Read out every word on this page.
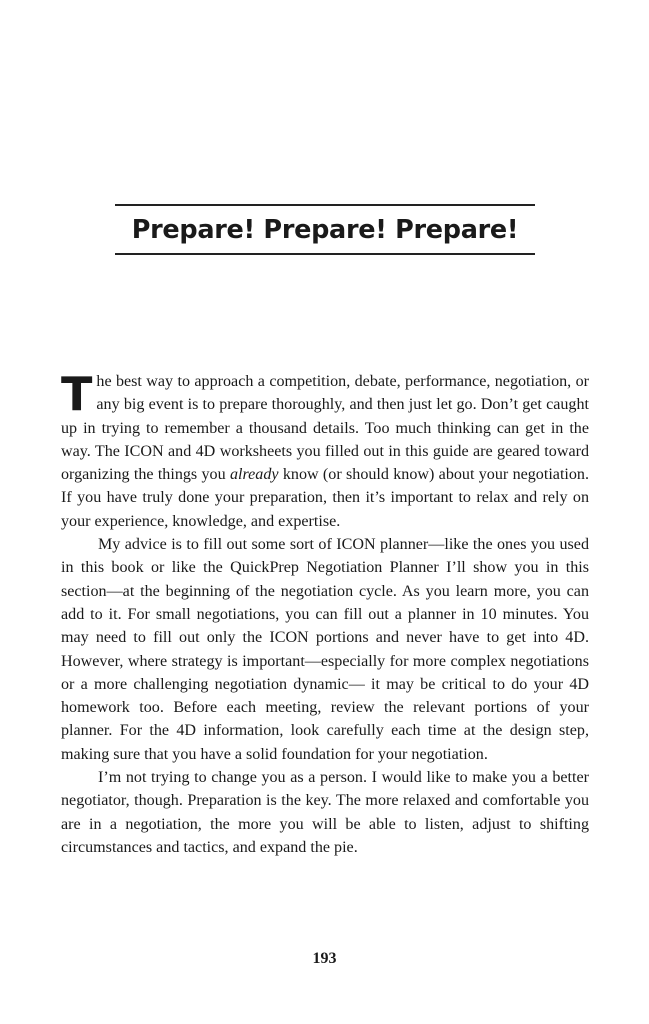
Prepare! Prepare! Prepare!

The best way to approach a competition, debate, performance, negotiation, or any big event is to prepare thoroughly, and then just let go. Don’t get caught up in trying to remember a thousand details. Too much thinking can get in the way. The ICON and 4D worksheets you filled out in this guide are geared toward organizing the things you already know (or should know) about your negotiation. If you have truly done your preparation, then it’s important to relax and rely on your experience, knowledge, and expertise.

My advice is to fill out some sort of ICON planner—like the ones you used in this book or like the QuickPrep Negotiation Planner I’ll show you in this section—at the beginning of the negotiation cycle. As you learn more, you can add to it. For small negotiations, you can fill out a planner in 10 minutes. You may need to fill out only the ICON portions and never have to get into 4D. However, where strategy is important—especially for more complex negotiations or a more challenging negotiation dynamic— it may be critical to do your 4D homework too. Before each meeting, review the relevant portions of your planner. For the 4D information, look carefully each time at the design step, making sure that you have a solid foundation for your negotiation.

I’m not trying to change you as a person. I would like to make you a better negotiator, though. Preparation is the key. The more relaxed and comfortable you are in a negotiation, the more you will be able to listen, adjust to shifting circumstances and tactics, and expand the pie.

193
